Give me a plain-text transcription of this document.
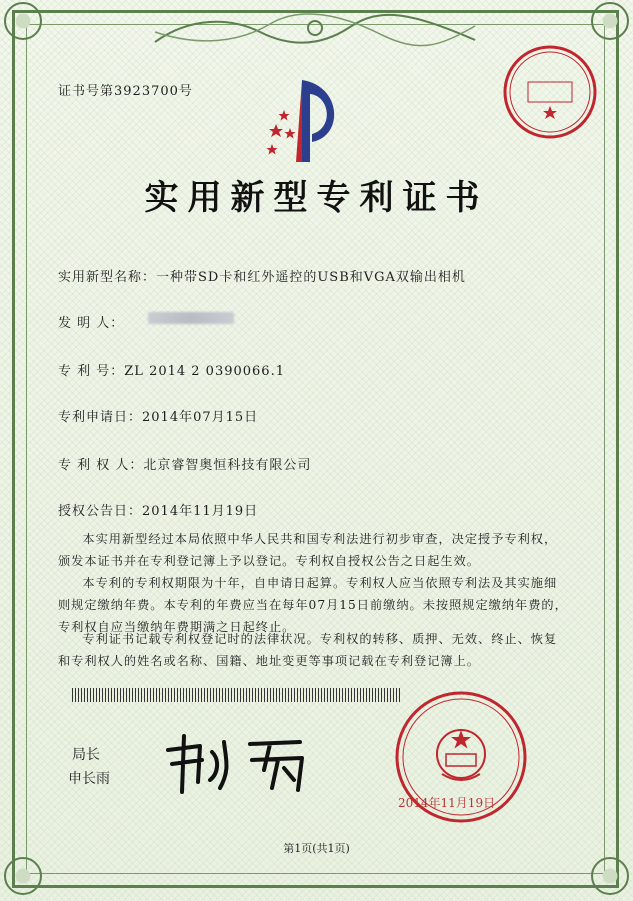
证书号第3923700号
实用新型专利证书
实用新型名称：一种带SD卡和红外遥控的USB和VGA双输出相机
发 明 人：
专 利 号：ZL 2014 2 0390066.1
专利申请日：2014年07月15日
专 利 权 人：北京睿智奥恒科技有限公司
授权公告日：2014年11月19日
本实用新型经过本局依照中华人民共和国专利法进行初步审查，决定授予专利权，颁发本证书并在专利登记簿上予以登记。专利权自授权公告之日起生效。
本专利的专利权期限为十年，自申请日起算。专利权人应当依照专利法及其实施细则规定缴纳年费。本专利的年费应当在每年07月15日前缴纳。未按照规定缴纳年费的，专利权自应当缴纳年费期满之日起终止。
专利证书记载专利权登记时的法律状况。专利权的转移、质押、无效、终止、恢复和专利权人的姓名或名称、国籍、地址变更等事项记载在专利登记簿上。
局长
申长雨
2014年11月19日
第1页(共1页)
